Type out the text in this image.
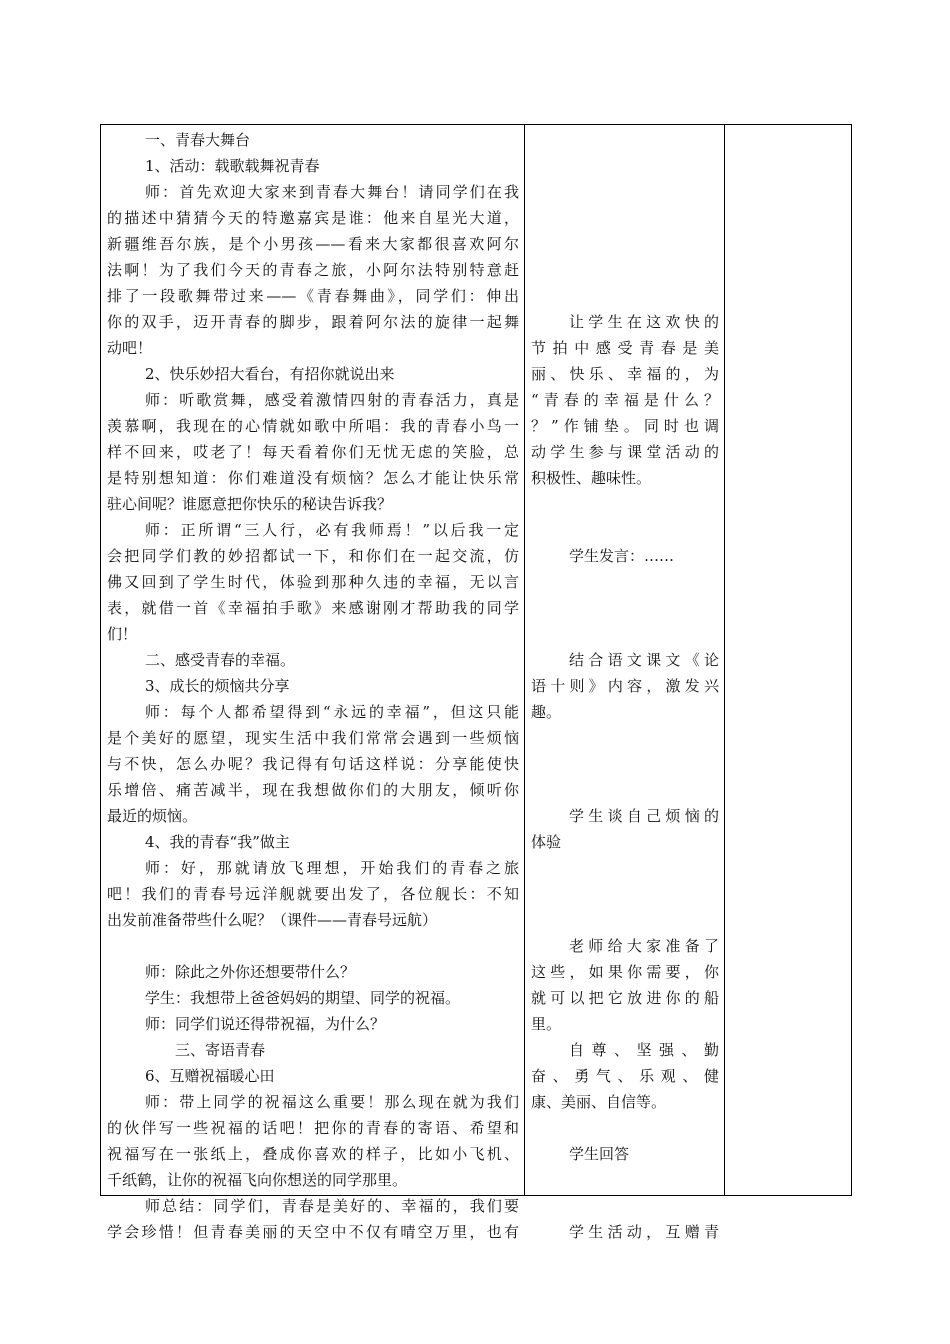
一、青春大舞台
1、活动：载歌载舞祝青春
师：首先欢迎大家来到青春大舞台！请同学们在我
的描述中猜猜今天的特邀嘉宾是谁：他来自星光大道，
新疆维吾尔族，是个小男孩——看来大家都很喜欢阿尔
法啊！为了我们今天的青春之旅，小阿尔法特别特意赶
排了一段歌舞带过来——《青春舞曲》，同学们：伸出
你的双手，迈开青春的脚步，跟着阿尔法的旋律一起舞
动吧！
2、快乐妙招大看台，有招你就说出来
师：听歌赏舞，感受着激情四射的青春活力，真是
羡慕啊，我现在的心情就如歌中所唱：我的青春小鸟一
样不回来，哎老了！每天看着你们无忧无虑的笑脸，总
是特别想知道：你们难道没有烦恼？怎么才能让快乐常
驻心间呢？谁愿意把你快乐的秘诀告诉我？
师：正所谓“三人行，必有我师焉！”以后我一定
会把同学们教的妙招都试一下，和你们在一起交流，仿
佛又回到了学生时代，体验到那种久违的幸福，无以言
表，就借一首《幸福拍手歌》来感谢刚才帮助我的同学
们！
二、感受青春的幸福。
3、成长的烦恼共分享
师：每个人都希望得到“永远的幸福”，但这只能
是个美好的愿望，现实生活中我们常常会遇到一些烦恼
与不快，怎么办呢？我记得有句话这样说：分享能使快
乐增倍、痛苦减半，现在我想做你们的大朋友，倾听你
最近的烦恼。
4、我的青春“我”做主
师：好，那就请放飞理想，开始我们的青春之旅
吧！我们的青春号远洋舰就要出发了，各位舰长：不知
出发前准备带些什么呢？（课件——青春号远航）
师：除此之外你还想要带什么？
学生：我想带上爸爸妈妈的期望、同学的祝福。
师：同学们说还得带祝福，为什么？
三、寄语青春
6、互赠祝福暖心田
师：带上同学的祝福这么重要！那么现在就为我们
的伙伴写一些祝福的话吧！把你的青春的寄语、希望和
祝福写在一张纸上，叠成你喜欢的样子，比如小飞机、
千纸鹤，让你的祝福飞向你想送的同学那里。
师总结：同学们，青春是美好的、幸福的，我们要
学会珍惜！但青春美丽的天空中不仅有晴空万里，也有
让学生在这欢快的
节拍中感受青春是美
丽、快乐、幸福的，为
“青春的幸福是什么？
？”作铺垫。同时也调
动学生参与课堂活动的
积极性、趣味性。
学生发言：……
结合语文课文《论
语十则》内容，激发兴
趣。
学生谈自己烦恼的
体验
老师给大家准备了
这些，如果你需要，你
就可以把它放进你的船
里。
自尊、坚强、勤
奋、勇气、乐观、健
康、美丽、自信等。
学生回答
学生活动，互赠青
